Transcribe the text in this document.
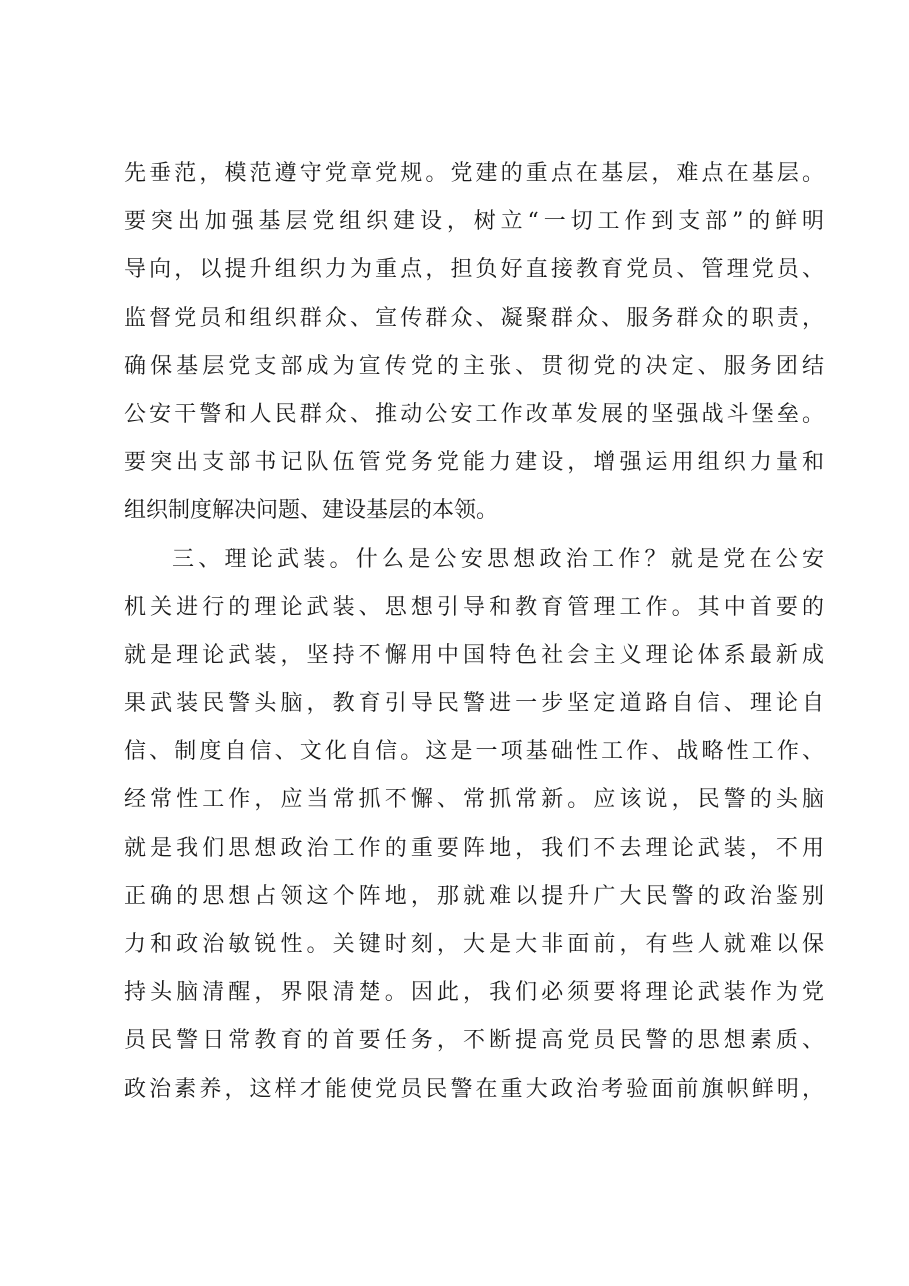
先垂范，模范遵守党章党规。党建的重点在基层，难点在基层。
要突出加强基层党组织建设，树立“一切工作到支部”的鲜明
导向，以提升组织力为重点，担负好直接教育党员、管理党员、
监督党员和组织群众、宣传群众、凝聚群众、服务群众的职责，
确保基层党支部成为宣传党的主张、贯彻党的决定、服务团结
公安干警和人民群众、推动公安工作改革发展的坚强战斗堡垒。
要突出支部书记队伍管党务党能力建设，增强运用组织力量和
组织制度解决问题、建设基层的本领。
三、理论武装。什么是公安思想政治工作？就是党在公安
机关进行的理论武装、思想引导和教育管理工作。其中首要的
就是理论武装，坚持不懈用中国特色社会主义理论体系最新成
果武装民警头脑，教育引导民警进一步坚定道路自信、理论自
信、制度自信、文化自信。这是一项基础性工作、战略性工作、
经常性工作，应当常抓不懈、常抓常新。应该说，民警的头脑
就是我们思想政治工作的重要阵地，我们不去理论武装，不用
正确的思想占领这个阵地，那就难以提升广大民警的政治鉴别
力和政治敏锐性。关键时刻，大是大非面前，有些人就难以保
持头脑清醒，界限清楚。因此，我们必须要将理论武装作为党
员民警日常教育的首要任务，不断提高党员民警的思想素质、
政治素养，这样才能使党员民警在重大政治考验面前旗帜鲜明，
